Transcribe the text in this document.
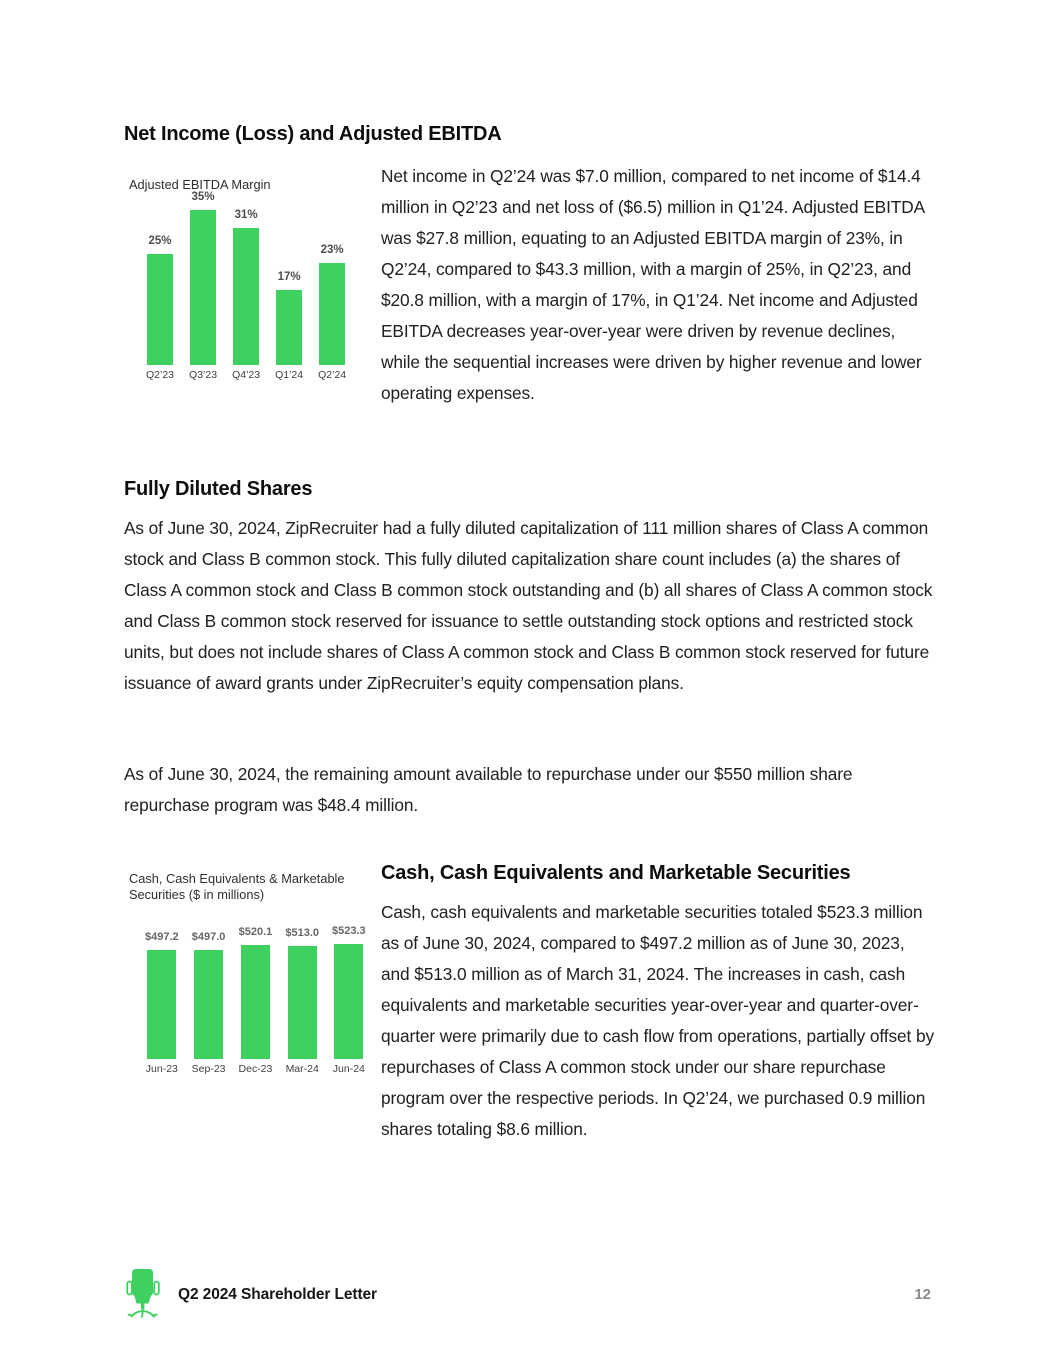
Net Income (Loss) and Adjusted EBITDA
Adjusted EBITDA Margin
25%
Q2’23
35%
Q3’23
31%
Q4’23
17%
Q1’24
23%
Q2’24
Net income in Q2’24 was $7.0 million, compared to net income of $14.4 million in Q2’23 and net loss of ($6.5) million in Q1’24. Adjusted EBITDA was $27.8 million, equating to an Adjusted EBITDA margin of 23%, in Q2’24, compared to $43.3 million, with a margin of 25%, in Q2’23, and $20.8 million, with a margin of 17%, in Q1’24. Net income and Adjusted EBITDA decreases year-over-year were driven by revenue declines, while the sequential increases were driven by higher revenue and lower operating expenses.
Fully Diluted Shares
As of June 30, 2024, ZipRecruiter had a fully diluted capitalization of 111 million shares of Class A common stock and Class B common stock. This fully diluted capitalization share count includes (a) the shares of Class A common stock and Class B common stock outstanding and (b) all shares of Class A common stock and Class B common stock reserved for issuance to settle outstanding stock options and restricted stock units, but does not include shares of Class A common stock and Class B common stock reserved for future issuance of award grants under ZipRecruiter’s equity compensation plans.
As of June 30, 2024, the remaining amount available to repurchase under our $550 million share repurchase program was $48.4 million.
Cash, Cash Equivalents & Marketable
Securities ($ in millions)
$497.2
Jun-23
$497.0
Sep-23
$520.1
Dec-23
$513.0
Mar-24
$523.3
Jun-24
Cash, Cash Equivalents and Marketable Securities
Cash, cash equivalents and marketable securities totaled $523.3 million as of June 30, 2024, compared to $497.2 million as of June 30, 2023, and $513.0 million as of March 31, 2024. The increases in cash, cash equivalents and marketable securities year-over-year and quarter-over-quarter were primarily due to cash flow from operations, partially offset by repurchases of Class A common stock under our share repurchase program over the respective periods. In Q2’24, we purchased 0.9 million shares totaling $8.6 million.
Q2 2024 Shareholder Letter	12
